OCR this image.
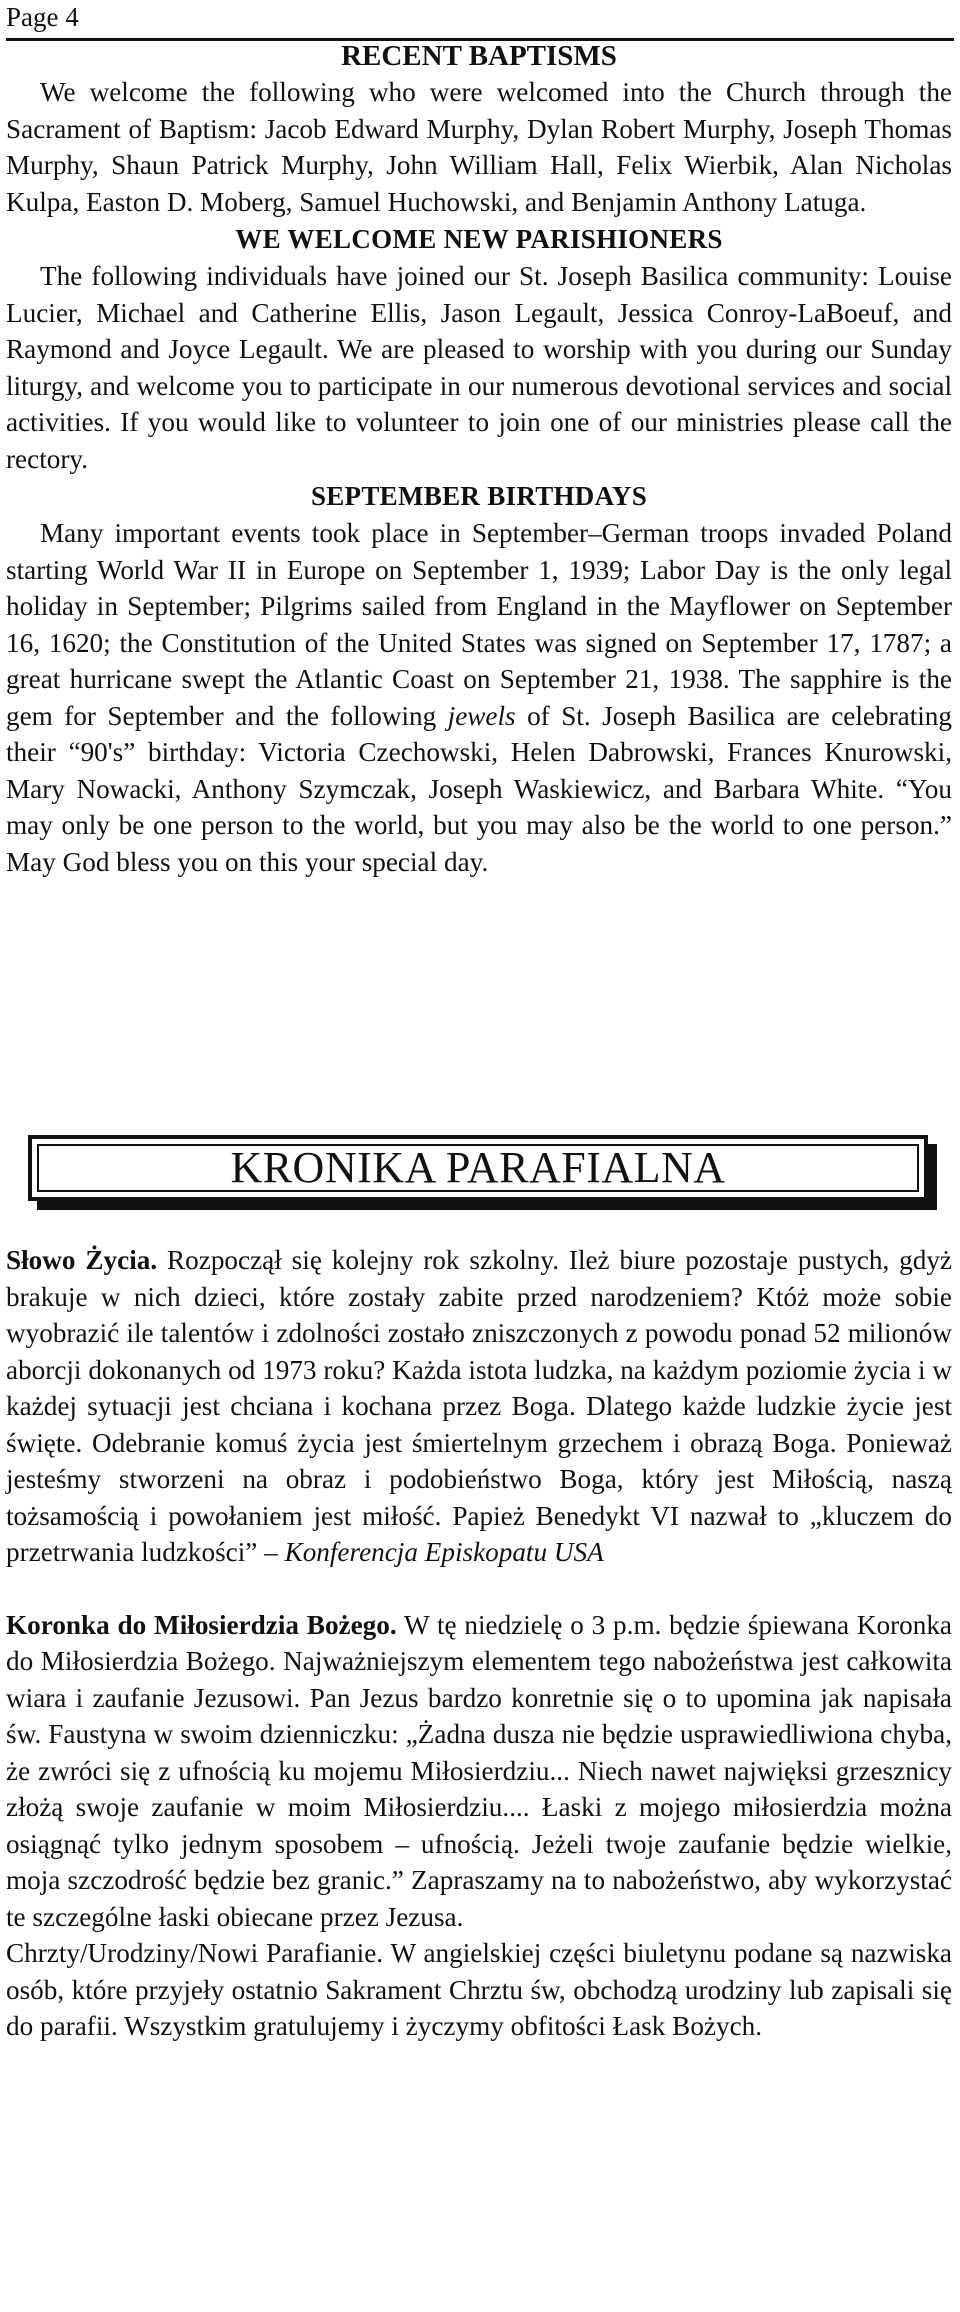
Page 4

RECENT BAPTISMS

We welcome the following who were welcomed into the Church through the Sacrament of Baptism: Jacob Edward Murphy, Dylan Robert Murphy, Joseph Thomas Murphy, Shaun Patrick Murphy, John William Hall, Felix Wierbik, Alan Nicholas Kulpa, Easton D. Moberg, Samuel Huchowski, and Benjamin Anthony Latuga.

WE WELCOME NEW PARISHIONERS

The following individuals have joined our St. Joseph Basilica community: Louise Lucier, Michael and Catherine Ellis, Jason Legault, Jessica Conroy-LaBoeuf, and Raymond and Joyce Legault. We are pleased to worship with you during our Sunday liturgy, and welcome you to participate in our numerous devotional services and social activities. If you would like to volunteer to join one of our ministries please call the rectory.

SEPTEMBER BIRTHDAYS

Many important events took place in September–German troops invaded Poland starting World War II in Europe on September 1, 1939; Labor Day is the only legal holiday in September; Pilgrims sailed from England in the Mayflower on September 16, 1620; the Constitution of the United States was signed on September 17, 1787; a great hurricane swept the Atlantic Coast on September 21, 1938. The sapphire is the gem for September and the following jewels of St. Joseph Basilica are celebrating their “90's” birthday: Victoria Czechowski, Helen Dabrowski, Frances Knurowski, Mary Nowacki, Anthony Szymczak, Joseph Waskiewicz, and Barbara White. “You may only be one person to the world, but you may also be the world to one person.” May God bless you on this your special day.

KRONIKA PARAFIALNA

Słowo Życia. Rozpoczął się kolejny rok szkolny. Ileż biure pozostaje pustych, gdyż brakuje w nich dzieci, które zostały zabite przed narodzeniem? Któż może sobie wyobrazić ile talentów i zdolności zostało zniszczonych z powodu ponad 52 milionów aborcji dokonanych od 1973 roku? Każda istota ludzka, na każdym poziomie życia i w każdej sytuacji jest chciana i kochana przez Boga. Dlatego każde ludzkie życie jest święte. Odebranie komuś życia jest śmiertelnym grzechem i obrazą Boga. Ponieważ jesteśmy stworzeni na obraz i podobieństwo Boga, który jest Miłością, naszą tożsamością i powołaniem jest miłość. Papież Benedykt VI nazwał to „kluczem do przetrwania ludzkości” – Konferencja Episkopatu USA

Koronka do Miłosierdzia Bożego. W tę niedzielę o 3 p.m. będzie śpiewana Koronka do Miłosierdzia Bożego. Najważniejszym elementem tego nabożeństwa jest całkowita wiara i zaufanie Jezusowi. Pan Jezus bardzo konretnie się o to upomina jak napisała św. Faustyna w swoim dzienniczku: „Żadna dusza nie będzie usprawiedliwiona chyba, że zwróci się z ufnością ku mojemu Miłosierdziu... Niech nawet najwięksi grzesznicy złożą swoje zaufanie w moim Miłosierdziu.... Łaski z mojego miłosierdzia można osiągnąć tylko jednym sposobem – ufnością. Jeżeli twoje zaufanie będzie wielkie, moja szczodrość będzie bez granic.” Zapraszamy na to nabożeństwo, aby wykorzystać te szczególne łaski obiecane przez Jezusa.

Chrzty/Urodziny/Nowi Parafianie. W angielskiej części biuletynu podane są nazwiska osób, które przyjeły ostatnio Sakrament Chrztu św, obchodzą urodziny lub zapisali się do parafii. Wszystkim gratulujemy i życzymy obfitości Łask Bożych.
